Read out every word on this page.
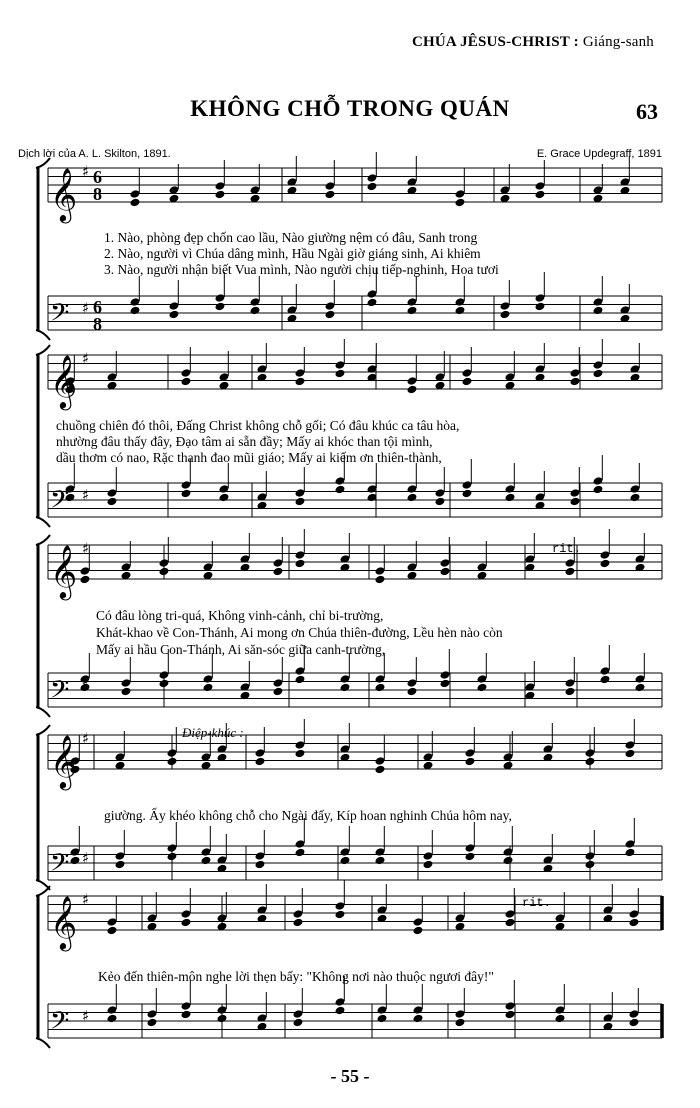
CHÚA JÊSUS-CHRIST : Giáng-sanh
KHÔNG CHỖ TRONG QUÁN	63
Dịch lời của A. L. Skilton, 1891.	E. Grace Updegraff, 1891
𝄞 ♯
𝄢 ♯
𝄞 ♯
𝄢 ♯
𝄞 ♯
𝄢 ♯
𝄞 ♯
𝄢 ♯
𝄞 ♯
𝄢 ♯
6
8
6
8
1. Nào, phòng đẹp chốn cao lầu, Nào giường nệm có đâu, Sanh trong
2. Nào, người vì Chúa dâng mình, Hầu Ngài giờ giáng sinh, Ai khiêm
3. Nào, người nhận biết Vua mình, Nào người chịu tiếp-nghinh, Hoa tươi
chuồng chiên đó thôi, Đấng Christ không chỗ gối; Có đâu khúc ca tâu hòa,
nhường đâu thấy đây, Đạo tâm ai sẵn đầy; Mấy ai khóc than tội mình,
dầu thơm có nao, Rặc thanh đao mũi giáo; Mấy ai kiếm ơn thiên-thành,
Có đâu lòng tri-quá, Không vinh-cảnh, chỉ bi-trường,
Khát-khao về Con-Thánh, Ai mong ơn Chúa thiên-đường, Lều hèn nào còn
Mấy ai hầu Con-Thánh, Ai săn-sóc giữa canh-trường,
Điệp-khúc :
giường. Ấy khéo không chỗ cho Ngài đấy, Kíp hoan nghinh Chúa hôm nay,
Kẻo đến thiên-môn nghe lời thẹn bấy: "Không nơi nào thuộc ngươi đây!"
rit.
rit.
- 55 -
